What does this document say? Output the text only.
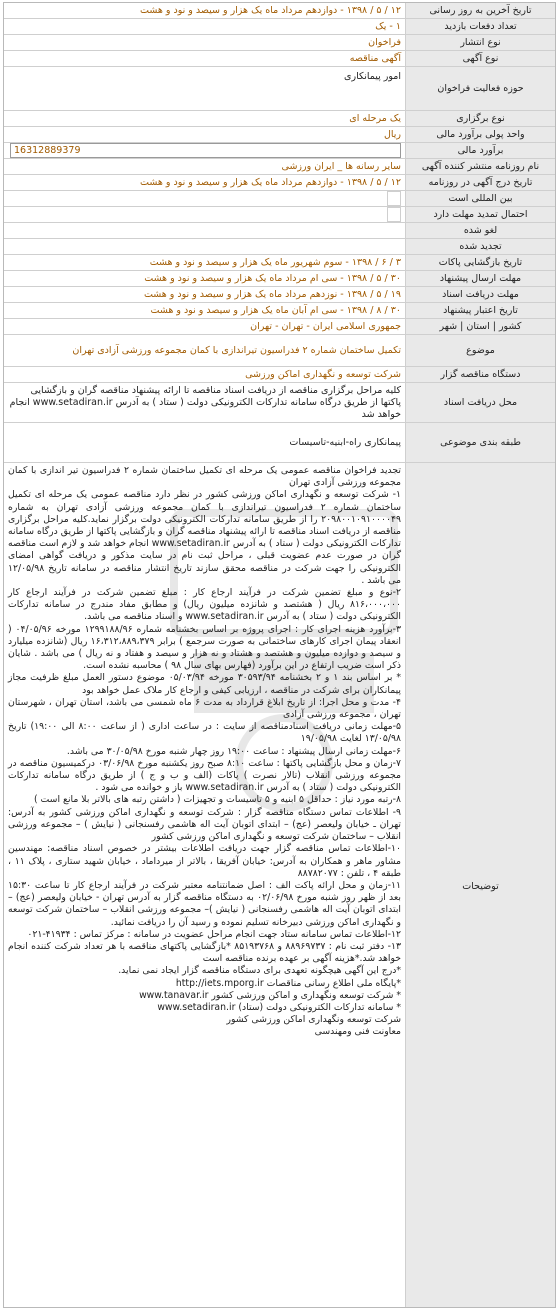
تاریخ آخرین به روز رسانی
۱۲ / ۵ / ۱۳۹۸ - دوازدهم مرداد ماه یک هزار و سیصد و نود و هشت
تعداد دفعات بازدید
۱ - یک
نوع انتشار
فراخوان
نوع آگهی
آگهی مناقصه
حوزه فعالیت فراخوان
امور پیمانکاری
نوع برگزاری
یک مرحله ای
واحد پولی برآورد مالی
ریال
برآورد مالی
16312889379
نام روزنامه منتشر کننده آگهی
سایر رسانه ها _ ایران ورزشی
تاریخ درج آگهی در روزنامه
۱۲ / ۵ / ۱۳۹۸ - دوازدهم مرداد ماه یک هزار و سیصد و نود و هشت
بین المللی است
احتمال تمدید مهلت دارد
لغو شده
تجدید شده
تاریخ بازگشایی پاکات
۳ / ۶ / ۱۳۹۸ - سوم شهریور ماه یک هزار و سیصد و نود و هشت
مهلت ارسال پیشنهاد
۳۰ / ۵ / ۱۳۹۸ - سی ام مرداد ماه یک هزار و سیصد و نود و هشت
مهلت دریافت اسناد
۱۹ / ۵ / ۱۳۹۸ - نوزدهم مرداد ماه یک هزار و سیصد و نود و هشت
تاریخ اعتبار پیشنهاد
۳۰ / ۸ / ۱۳۹۸ - سی ام آبان ماه یک هزار و سیصد و نود و هشت
کشور | استان | شهر
جمهوری اسلامی ایران - تهران - تهران
موضوع
تکمیل ساختمان شماره ۲ فدراسیون تیراندازی با کمان مجموعه ورزشی آزادی تهران
دستگاه مناقصه گزار
شرکت توسعه و نگهداری اماکن ورزشی
محل دریافت اسناد
کلیه مراحل برگزاری مناقصه از دریافت اسناد مناقصه تا ارائه پیشنهاد مناقصه گران و بازگشایی پاکتها از طریق درگاه سامانه تدارکات الکترونیکی دولت ( ستاد ) به آدرس www.setadiran.ir انجام خواهد شد
طبقه بندی موضوعی
پیمانکاری راه-ابنیه-تاسیسات
توضیحات

تجدید فراخوان مناقصه عمومی یک مرحله ای تکمیل ساختمان شماره ۲ فدراسیون تیر اندازی با کمان مجموعه ورزشی آزادی تهران

۱- شرکت توسعه و نگهداری اماکن ورزشی کشور در نظر دارد مناقصه عمومی یک مرحله ای تکمیل ساختمان شماره ۲ فدراسیون تیراندازی با کمان مجموعه ورزشی آزادی تهران به شماره ۲۰۹۸۰۰۱۰۹۱۰۰۰۰۴۹ را از طریق سامانه تدارکات الکترونیکی دولت برگزار نماید.کلیه مراحل برگزاری مناقصه از دریافت اسناد مناقصه تا ارائه پیشنهاد مناقصه گران و بازگشایی پاکتها از طریق درگاه سامانه تدارکات الکترونیکی دولت ( ستاد ) به آدرس www.setadiran.ir انجام خواهد شد و لازم است مناقصه گران در صورت عدم عضویت قبلی ، مراحل ثبت نام در سایت مذکور و دریافت گواهی امضای الکترونیکی را جهت شرکت در مناقصه محقق سازند تاریخ انتشار مناقصه در سامانه تاریخ ۱۲/۰۵/۹۸ می باشد .

۲-نوع و مبلغ تضمین شرکت در فرآیند ارجاع کار : مبلغ تضمین شرکت در فرآیند ارجاع کار ۸۱۶،۰۰۰،۰۰۰ ریال ( هشتصد و شانزده میلیون ریال) و مطابق مفاد مندرج در سامانه تدارکات الکترونیکی دولت ( ستاد ) به آدرس www.setadiran.ir و اسناد مناقصه می باشد.

۳-برآورد هزینه اجرای کار : اجرای پروژه بر اساس بخشنامه شماره ۱۲۹۹۱۸۸/۹۶ مورخه ۰۴/۰۵/۹۶ ( انعقاد پیمان اجرای کارهای ساختمانی به صورت سرجمع ) برابر ۱۶،۳۱۲،۸۸۹،۳۷۹ ریال (شانزده میلیارد و سیصد و دوازده میلیون و هشتصد و هشتاد و نه هزار و سیصد و هفتاد و نه ریال ) می باشد . شایان ذکر است ضریب ارتفاع در این برآورد (فهارس بهای سال ۹۸ ) محاسبه نشده است.

* بر اساس بند ۱ و ۲ بخشنامه ۳۰۵۹۳/۹۴ مورخه ۰۵/۰۳/۹۴ موضوع دستور العمل مبلغ ظرفیت مجاز پیمانکاران برای شرکت در مناقصه ، ارزیابی کیفی و ارجاع کار ملاک عمل خواهد بود

۴- مدت و محل اجرا: از تاریخ ابلاغ قرارداد به مدت ۶ ماه شمسی می باشد، استان تهران ، شهرستان تهران ، مجموعه ورزشی آزادی

۵-مهلت زمانی دریافت اسنادمناقصه از سایت : در ساعت اداری ( از ساعت ۸:۰۰ الی ۱۹:۰۰) تاریخ ۱۳/۰۵/۹۸ لغایت ۱۹/۰۵/۹۸

۶-مهلت زمانی ارسال پیشنهاد : ساعت ۱۹:۰۰ روز چهار شنبه مورخ ۳۰/۰۵/۹۸ می باشد.

۷-زمان و محل بازگشایی پاکتها : ساعت ۸:۱۰ صبح روز یکشنبه مورخ ۰۳/۰۶/۹۸ درکمیسیون مناقصه در مجموعه ورزشی انقلاب (تالار نصرت ) پاکات (الف و ب و ج ) از طریق درگاه سامانه تدارکات الکترونیکی دولت ( ستاد ) به آدرس www.setadiran.ir باز و خوانده می شود .

۸-رتبه مورد نیاز : حداقل ۵ ابنیه و ۵ تاسیسات و تجهیزات ( داشتن رتبه های بالاتر بلا مانع است )

۹- اطلاعات تماس دستگاه مناقصه گزار : شرکت توسعه و نگهداری اماکن ورزشی کشور به آدرس: تهران ـ خیابان ولیعصر (عج) – ابتدای اتوبان آیت اله هاشمی رفسنجانی ( نیایش ) – مجموعه ورزشی انقلاب – ساختمان شرکت توسعه و نگهداری اماکن ورزشی کشور

۱۰-اطلاعات تماس مناقصه گزار جهت دریافت اطلاعات بیشتر در خصوص اسناد مناقصه: مهندسین مشاور ماهر و همکاران به آدرس: خیابان آفریقا ، بالاتر از میرداماد ، خیابان شهید ستاری ، پلاک ۱۱ ، طبقه ۴ ، تلفن : ۸۸۷۸۲۰۷۷

۱۱-زمان و محل ارائه پاکت الف : اصل ضمانتنامه معتبر شرکت در فرآیند ارجاع کار تا ساعت ۱۵:۳۰ بعد از ظهر روز شنبه مورخ ۰۲/۰۶/۹۸ به دستگاه مناقصه گزار به آدرس تهران - خیابان ولیعصر (عج) – ابتدای اتوبان آیت اله هاشمی رفسنجانی ( نیایش )– مجموعه ورزشی انقلاب – ساختمان شرکت توسعه و نگهداری اماکن ورزشی دبیرخانه تسلیم نموده و رسید آن را دریافت نمائید.

۱۲-اطلاعات تماس سامانه ستاد جهت انجام مراحل عضویت در سامانه : مرکز تماس : ۴۱۹۳۴-۰۲۱

۱۳- دفتر ثبت نام : ۸۸۹۶۹۷۳۷ و ۸۵۱۹۳۷۶۸ *بازگشایی پاکتهای مناقصه با هر تعداد شرکت کننده انجام خواهد شد.*هزینه آگهی بر عهده برنده مناقصه است

*درج این آگهی هیچگونه تعهدی برای دستگاه مناقصه گزار ایجاد نمی نماید.

*پایگاه ملی اطلاع رسانی مناقصات http://iets.mporg.ir

* شرکت توسعه ونگهداری و اماکن ورزشی کشور www.tanavar.ir

* سامانه تدارکات الکترونیکی دولت (ستاد) www.setadiran.ir

شرکت توسعه ونگهداری اماکن ورزشی کشور

معاونت فنی ومهندسی
